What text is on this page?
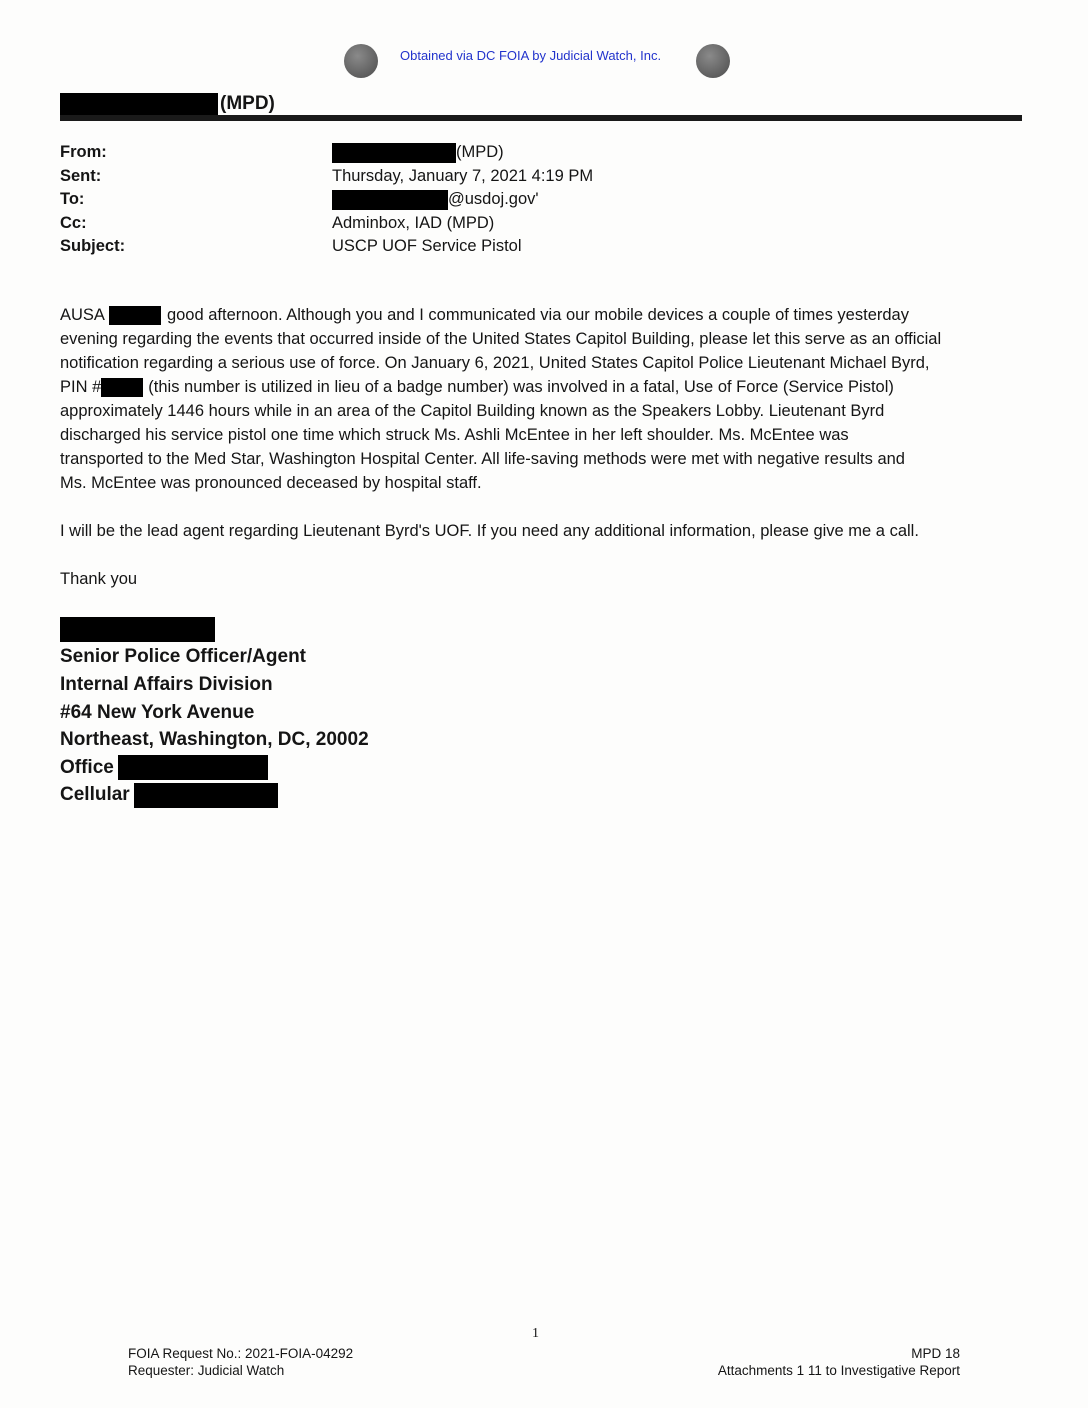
Obtained via DC FOIA by Judicial Watch, Inc.
(MPD)
From:	(MPD)
Sent:	Thursday, January 7, 2021 4:19 PM
To:	@usdoj.gov'
Cc:	Adminbox, IAD (MPD)
Subject:	USCP UOF Service Pistol
AUSA	good afternoon. Although you and I communicated via our mobile devices a couple of times yesterday
evening regarding the events that occurred inside of the United States Capitol Building, please let this serve as an official
notification regarding a serious use of force. On January 6, 2021, United States Capitol Police Lieutenant Michael Byrd,
PIN #	(this number is utilized in lieu of a badge number) was involved in a fatal, Use of Force (Service Pistol)
approximately 1446 hours while in an area of the Capitol Building known as the Speakers Lobby. Lieutenant Byrd
discharged his service pistol one time which struck Ms. Ashli McEntee in her left shoulder. Ms. McEntee was
transported to the Med Star, Washington Hospital Center. All life-saving methods were met with negative results and
Ms. McEntee was pronounced deceased by hospital staff.
I will be the lead agent regarding Lieutenant Byrd's UOF. If you need any additional information, please give me a call.
Thank you
Senior Police Officer/Agent
Internal Affairs Division
#64 New York Avenue
Northeast, Washington, DC, 20002
Office
Cellular
1
FOIA Request No.: 2021-FOIA-04292
Requester: Judicial Watch
MPD 18
Attachments 1 11 to Investigative Report
